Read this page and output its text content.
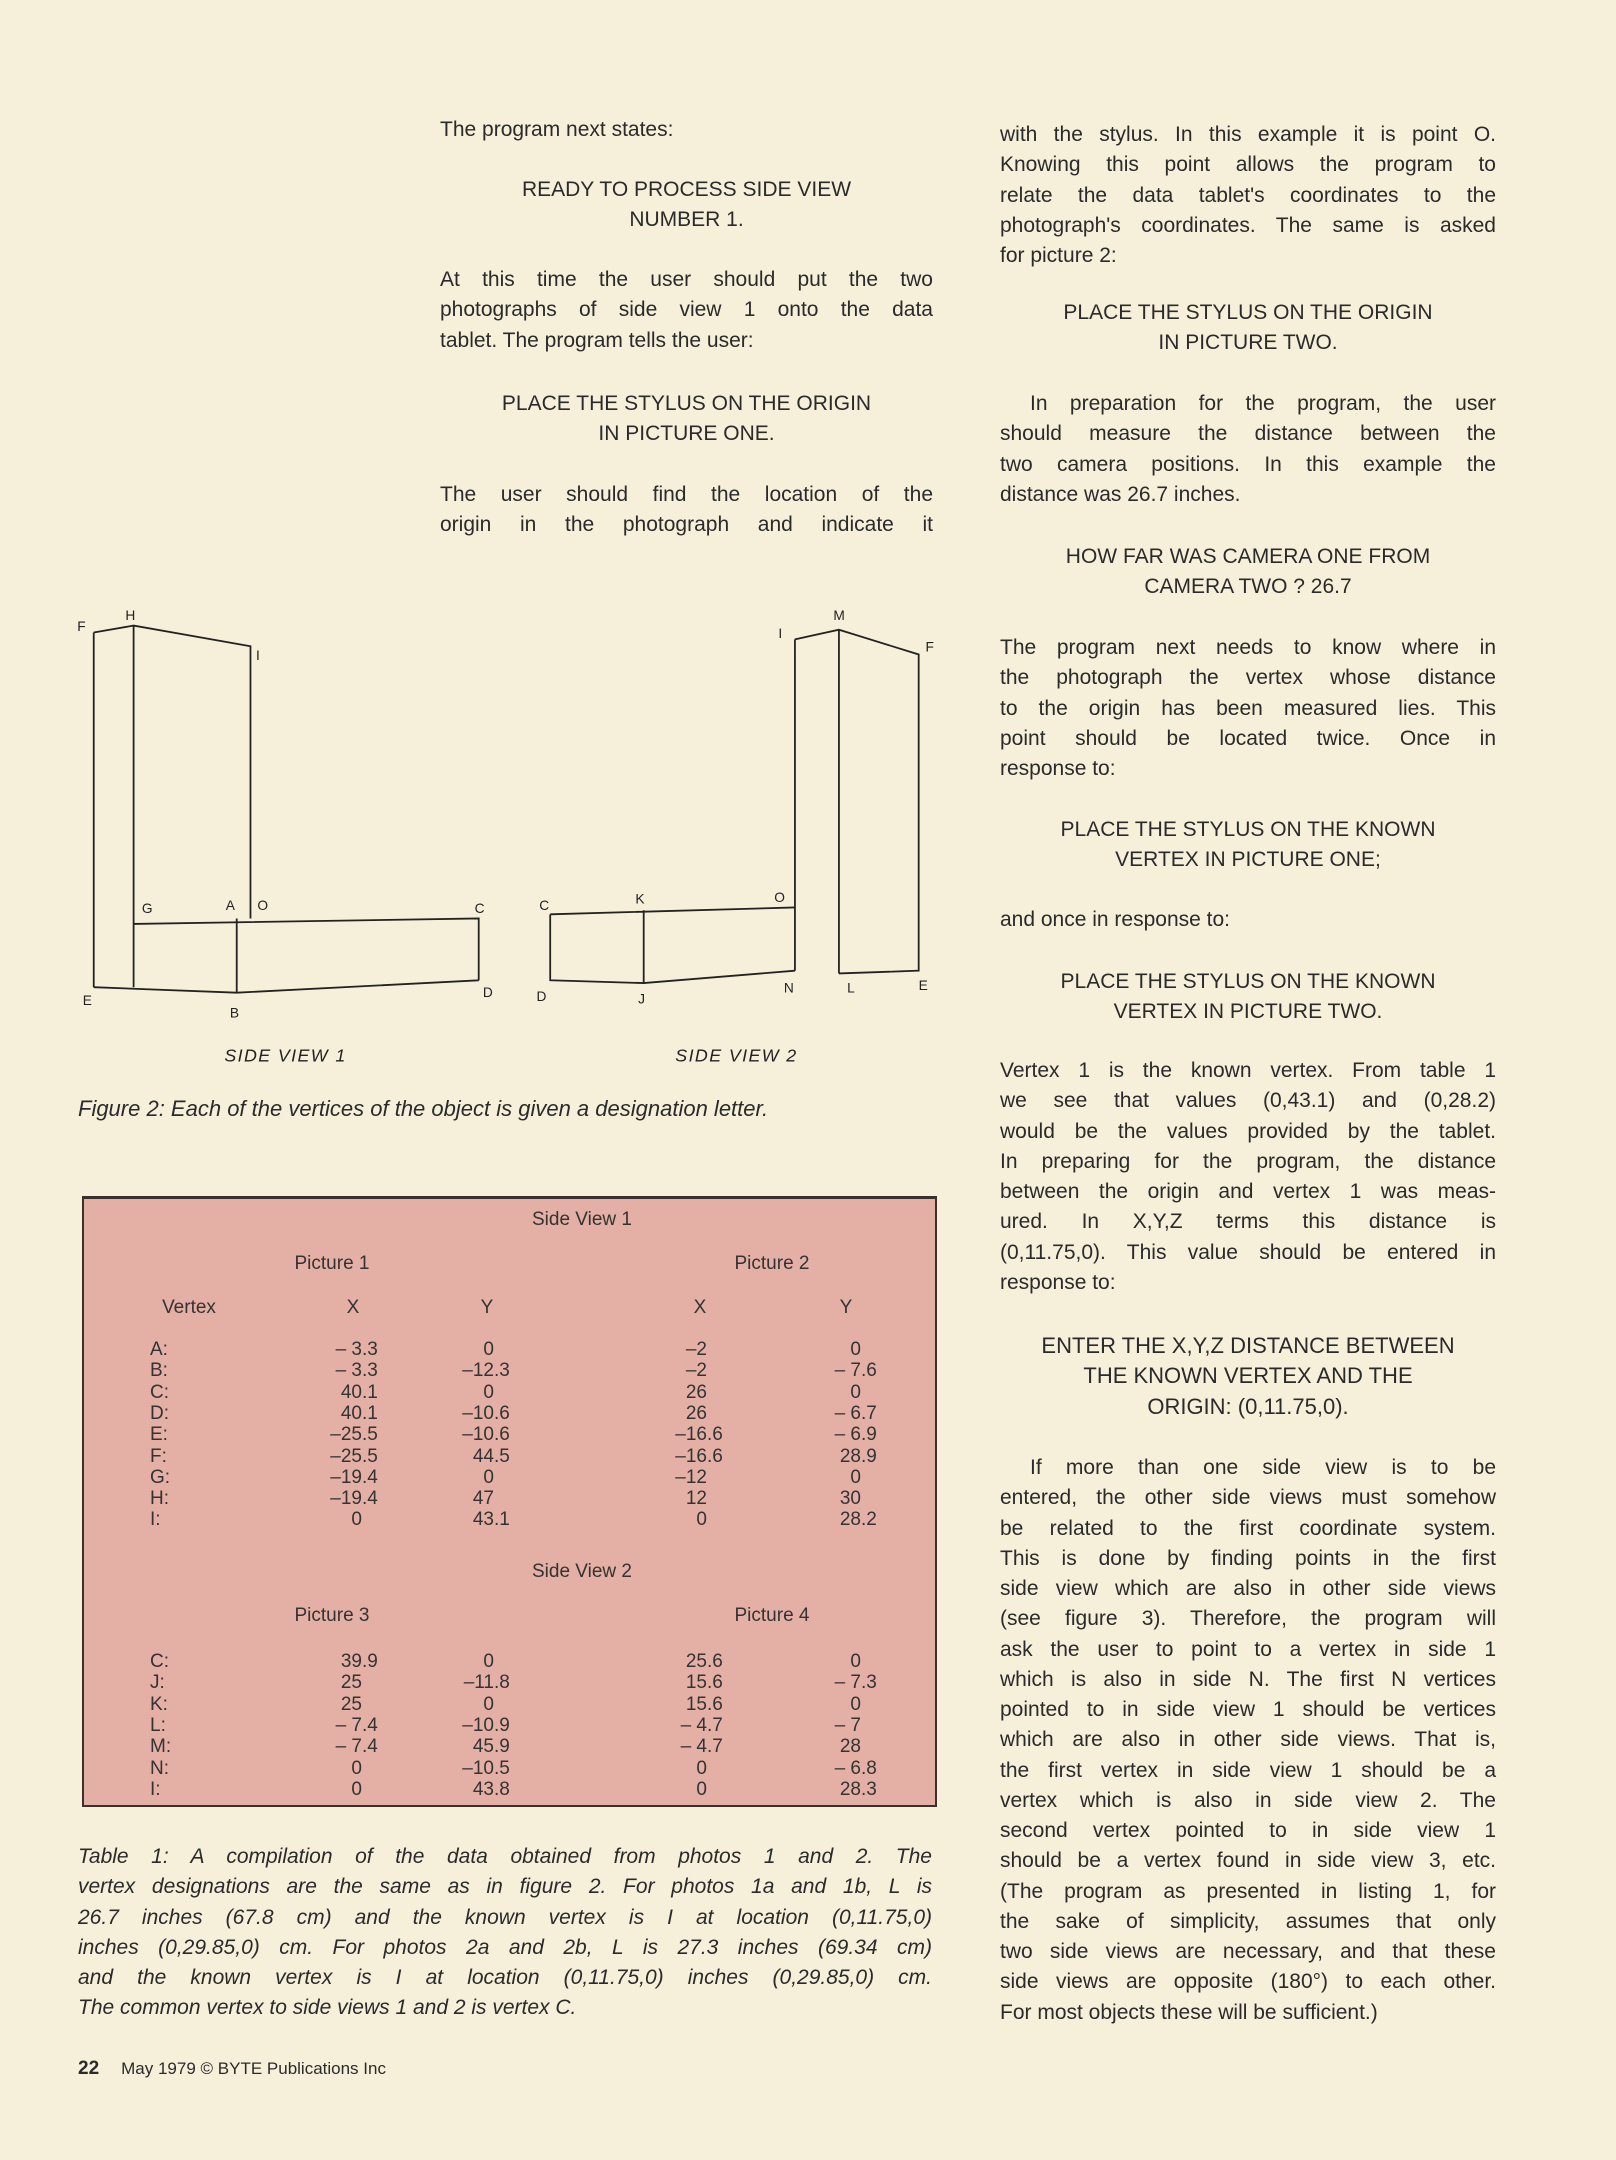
The program next states:
READY TO PROCESS SIDE VIEW
NUMBER 1.
At this time the user should put the two
photographs of side view 1 onto the data
tablet. The program tells the user:
PLACE THE STYLUS ON THE ORIGIN
IN PICTURE ONE.
The user should find the location of the
origin in the photograph and indicate it
with the stylus. In this example it is point O.
Knowing this point allows the program to
relate the data tablet's coordinates to the
photograph's coordinates. The same is asked
for picture 2:
PLACE THE STYLUS ON THE ORIGIN
IN PICTURE TWO.
In preparation for the program, the user
should measure the distance between the
two camera positions. In this example the
distance was 26.7 inches.
HOW FAR WAS CAMERA ONE FROM
CAMERA TWO ? 26.7
The program next needs to know where in
the photograph the vertex whose distance
to the origin has been measured lies. This
point should be located twice. Once in
response to:
PLACE THE STYLUS ON THE KNOWN
VERTEX IN PICTURE ONE;
and once in response to:
PLACE THE STYLUS ON THE KNOWN
VERTEX IN PICTURE TWO.
Vertex 1 is the known vertex. From table 1
we see that values (0,43.1) and (0,28.2)
would be the values provided by the tablet.
In preparing for the program, the distance
between the origin and vertex 1 was meas-
ured. In X,Y,Z terms this distance is
(0,11.75,0). This value should be entered in
response to:
ENTER THE X,Y,Z DISTANCE BETWEEN
THE KNOWN VERTEX AND THE
ORIGIN: (0,11.75,0).
If more than one side view is to be
entered, the other side views must somehow
be related to the first coordinate system.
This is done by finding points in the first
side view which are also in other side views
(see figure 3). Therefore, the program will
ask the user to point to a vertex in side 1
which is also in side N. The first N vertices
pointed to in side view 1 should be vertices
which are also in other side views. That is,
the first vertex in side view 1 should be a
vertex which is also in side view 2. The
second vertex pointed to in side view 1
should be a vertex found in side view 3, etc.
(The program as presented in listing 1, for
the sake of simplicity, assumes that only
two side views are necessary, and that these
side views are opposite (180°) to each other.
For most objects these will be sufficient.)
F
H
I
G	A O	C
E
B
D
SIDE VIEW 1
I
M
F
C	K	O
D	J
N	L	E
SIDE VIEW 2
Figure 2: Each of the vertices of the object is given a designation letter.
Vertex	X	Y	X	Y
Side View 1
Picture 1	Picture 2
A:	– 3.3	0	–2	0
B:	– 3.3	–12.3	–2	– 7.6
C:	40.1	0	26	0
D:	40.1	–10.6	26	– 6.7
E:	–25.5	–10.6	–16.6	– 6.9
F:	–25.5	44.5	–16.6	28.9
G:	–19.4	0	–12	0
H:	–19.4	47	12	30
I:	0	43.1	0	28.2
Side View 2
Picture 3	Picture 4
C:	39.9	0	25.6	0
J:	25	–11.8	15.6	– 7.3
K:	25	0	15.6	0
L:	– 7.4	–10.9	– 4.7	– 7
M:	– 7.4	45.9	– 4.7	28
N:	0	–10.5	0	– 6.8
I:	0	43.8	0	28.3
Table 1: A compilation of the data obtained from photos 1 and 2. The
vertex designations are the same as in figure 2. For photos 1a and 1b, L is
26.7 inches (67.8 cm) and the known vertex is I at location (0,11.75,0)
inches (0,29.85,0) cm. For photos 2a and 2b, L is 27.3 inches (69.34 cm)
and the known vertex is I at location (0,11.75,0) inches (0,29.85,0) cm.
The common vertex to side views 1 and 2 is vertex C.
22 May 1979 © BYTE Publications Inc
